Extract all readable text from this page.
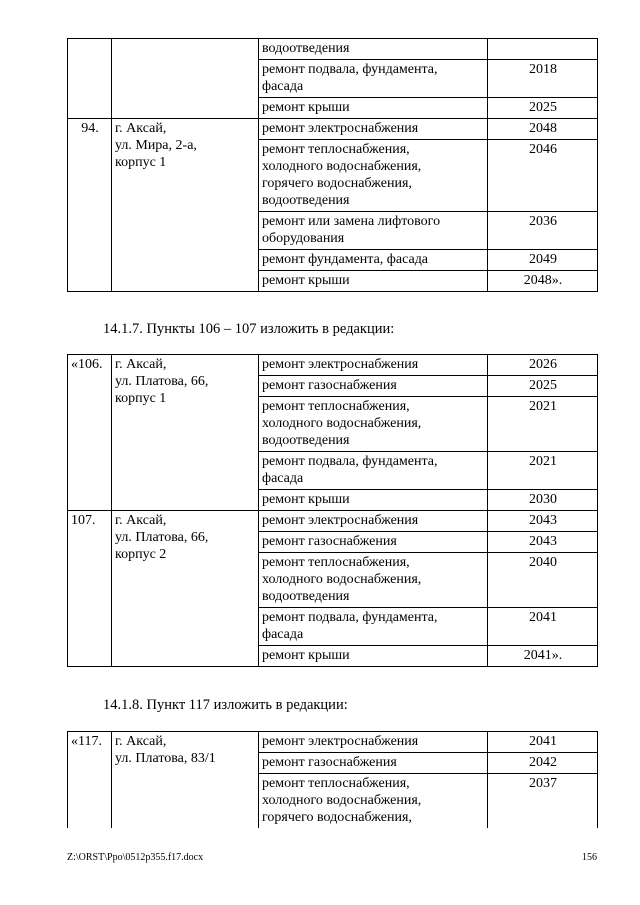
		водоотведения	
		ремонт подвала, фундамента,
фасада	2018
		ремонт крыши	2025
94.	г. Аксай,
ул. Мира, 2-а,
корпус 1	ремонт электроснабжения	2048
		ремонт теплоснабжения,
холодного водоснабжения,
горячего водоснабжения,
водоотведения	2046
		ремонт или замена лифтового
оборудования	2036
		ремонт фундамента, фасада	2049
		ремонт крыши	2048».
14.1.7. Пункты 106 – 107 изложить в редакции:
«106.	г. Аксай,
ул. Платова, 66,
корпус 1	ремонт электроснабжения	2026
		ремонт газоснабжения	2025
		ремонт теплоснабжения,
холодного водоснабжения,
водоотведения	2021
		ремонт подвала, фундамента,
фасада	2021
		ремонт крыши	2030
107.	г. Аксай,
ул. Платова, 66,
корпус 2	ремонт электроснабжения	2043
		ремонт газоснабжения	2043
		ремонт теплоснабжения,
холодного водоснабжения,
водоотведения	2040
		ремонт подвала, фундамента,
фасада	2041
		ремонт крыши	2041».
14.1.8. Пункт 117 изложить в редакции:
«117.	г. Аксай,
ул. Платова, 83/1	ремонт электроснабжения	2041
		ремонт газоснабжения	2042
		ремонт теплоснабжения,
холодного водоснабжения,
горячего водоснабжения,	2037
Z:\ORST\Ppo\0512p355.f17.docx	156
